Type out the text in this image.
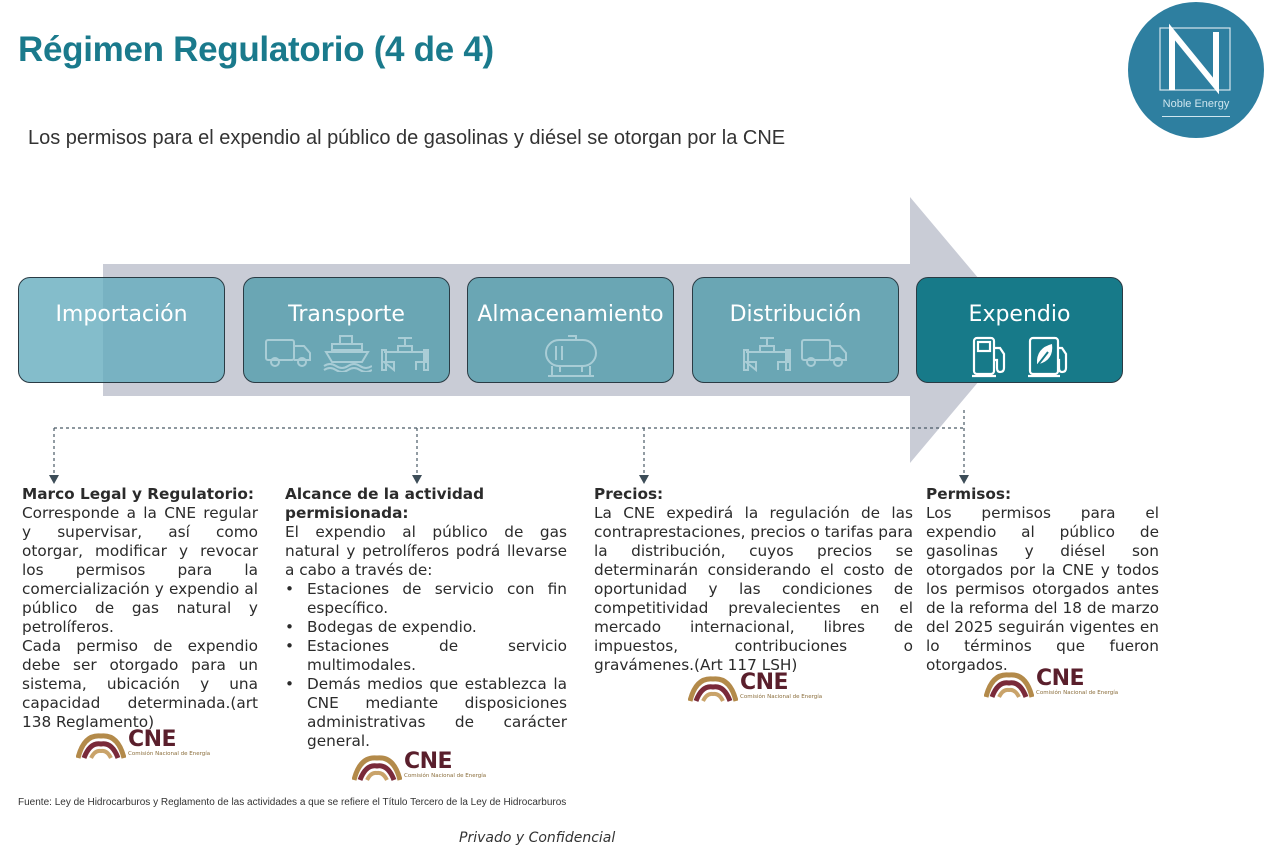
Régimen Regulatorio (4 de 4)

Los permisos para el expendio al público de gasolinas y diésel se otorgan por la CNE

Noble Energy
Importación	Transporte	Almacenamiento	Distribución	Expendio
Marco Legal y Regulatorio:

Corresponde a la CNE regular y supervisar, así como otorgar, modificar y revocar los permisos para la comercialización y expendio al público de gas natural y petrolíferos.

Cada permiso de expendio debe ser otorgado para un sistema, ubicación y una capacidad determinada.(art 138 Reglamento)

Alcance de la actividad permisionada:

El expendio al público de gas natural y petrolíferos podrá llevarse a cabo a través de:

• Estaciones de servicio con fin específico.
• Bodegas de expendio.
• Estaciones de servicio multimodales.
• Demás medios que establezca la CNE mediante disposiciones administrativas de carácter general.
Precios:

La CNE expedirá la regulación de las contraprestaciones, precios o tarifas para la distribución, cuyos precios se determinarán considerando el costo de oportunidad y las condiciones de competitividad prevalecientes en el mercado internacional, libres de impuestos, contribuciones o gravámenes.(Art 117 LSH)

Permisos:

Los permisos para el expendio al público de gasolinas y diésel son otorgados por la CNE y todos los permisos otorgados antes de la reforma del 18 de marzo del 2025 seguirán vigentes en lo términos que fueron otorgados.

CNE
Comisión Nacional de Energía	CNE
Comisión Nacional de Energía
CNE
Comisión Nacional de Energía
CNE
Comisión Nacional de Energía
Fuente: Ley de Hidrocarburos y Reglamento de las actividades a que se refiere el Título Tercero de la Ley de Hidrocarburos
Privado y Confidencial
